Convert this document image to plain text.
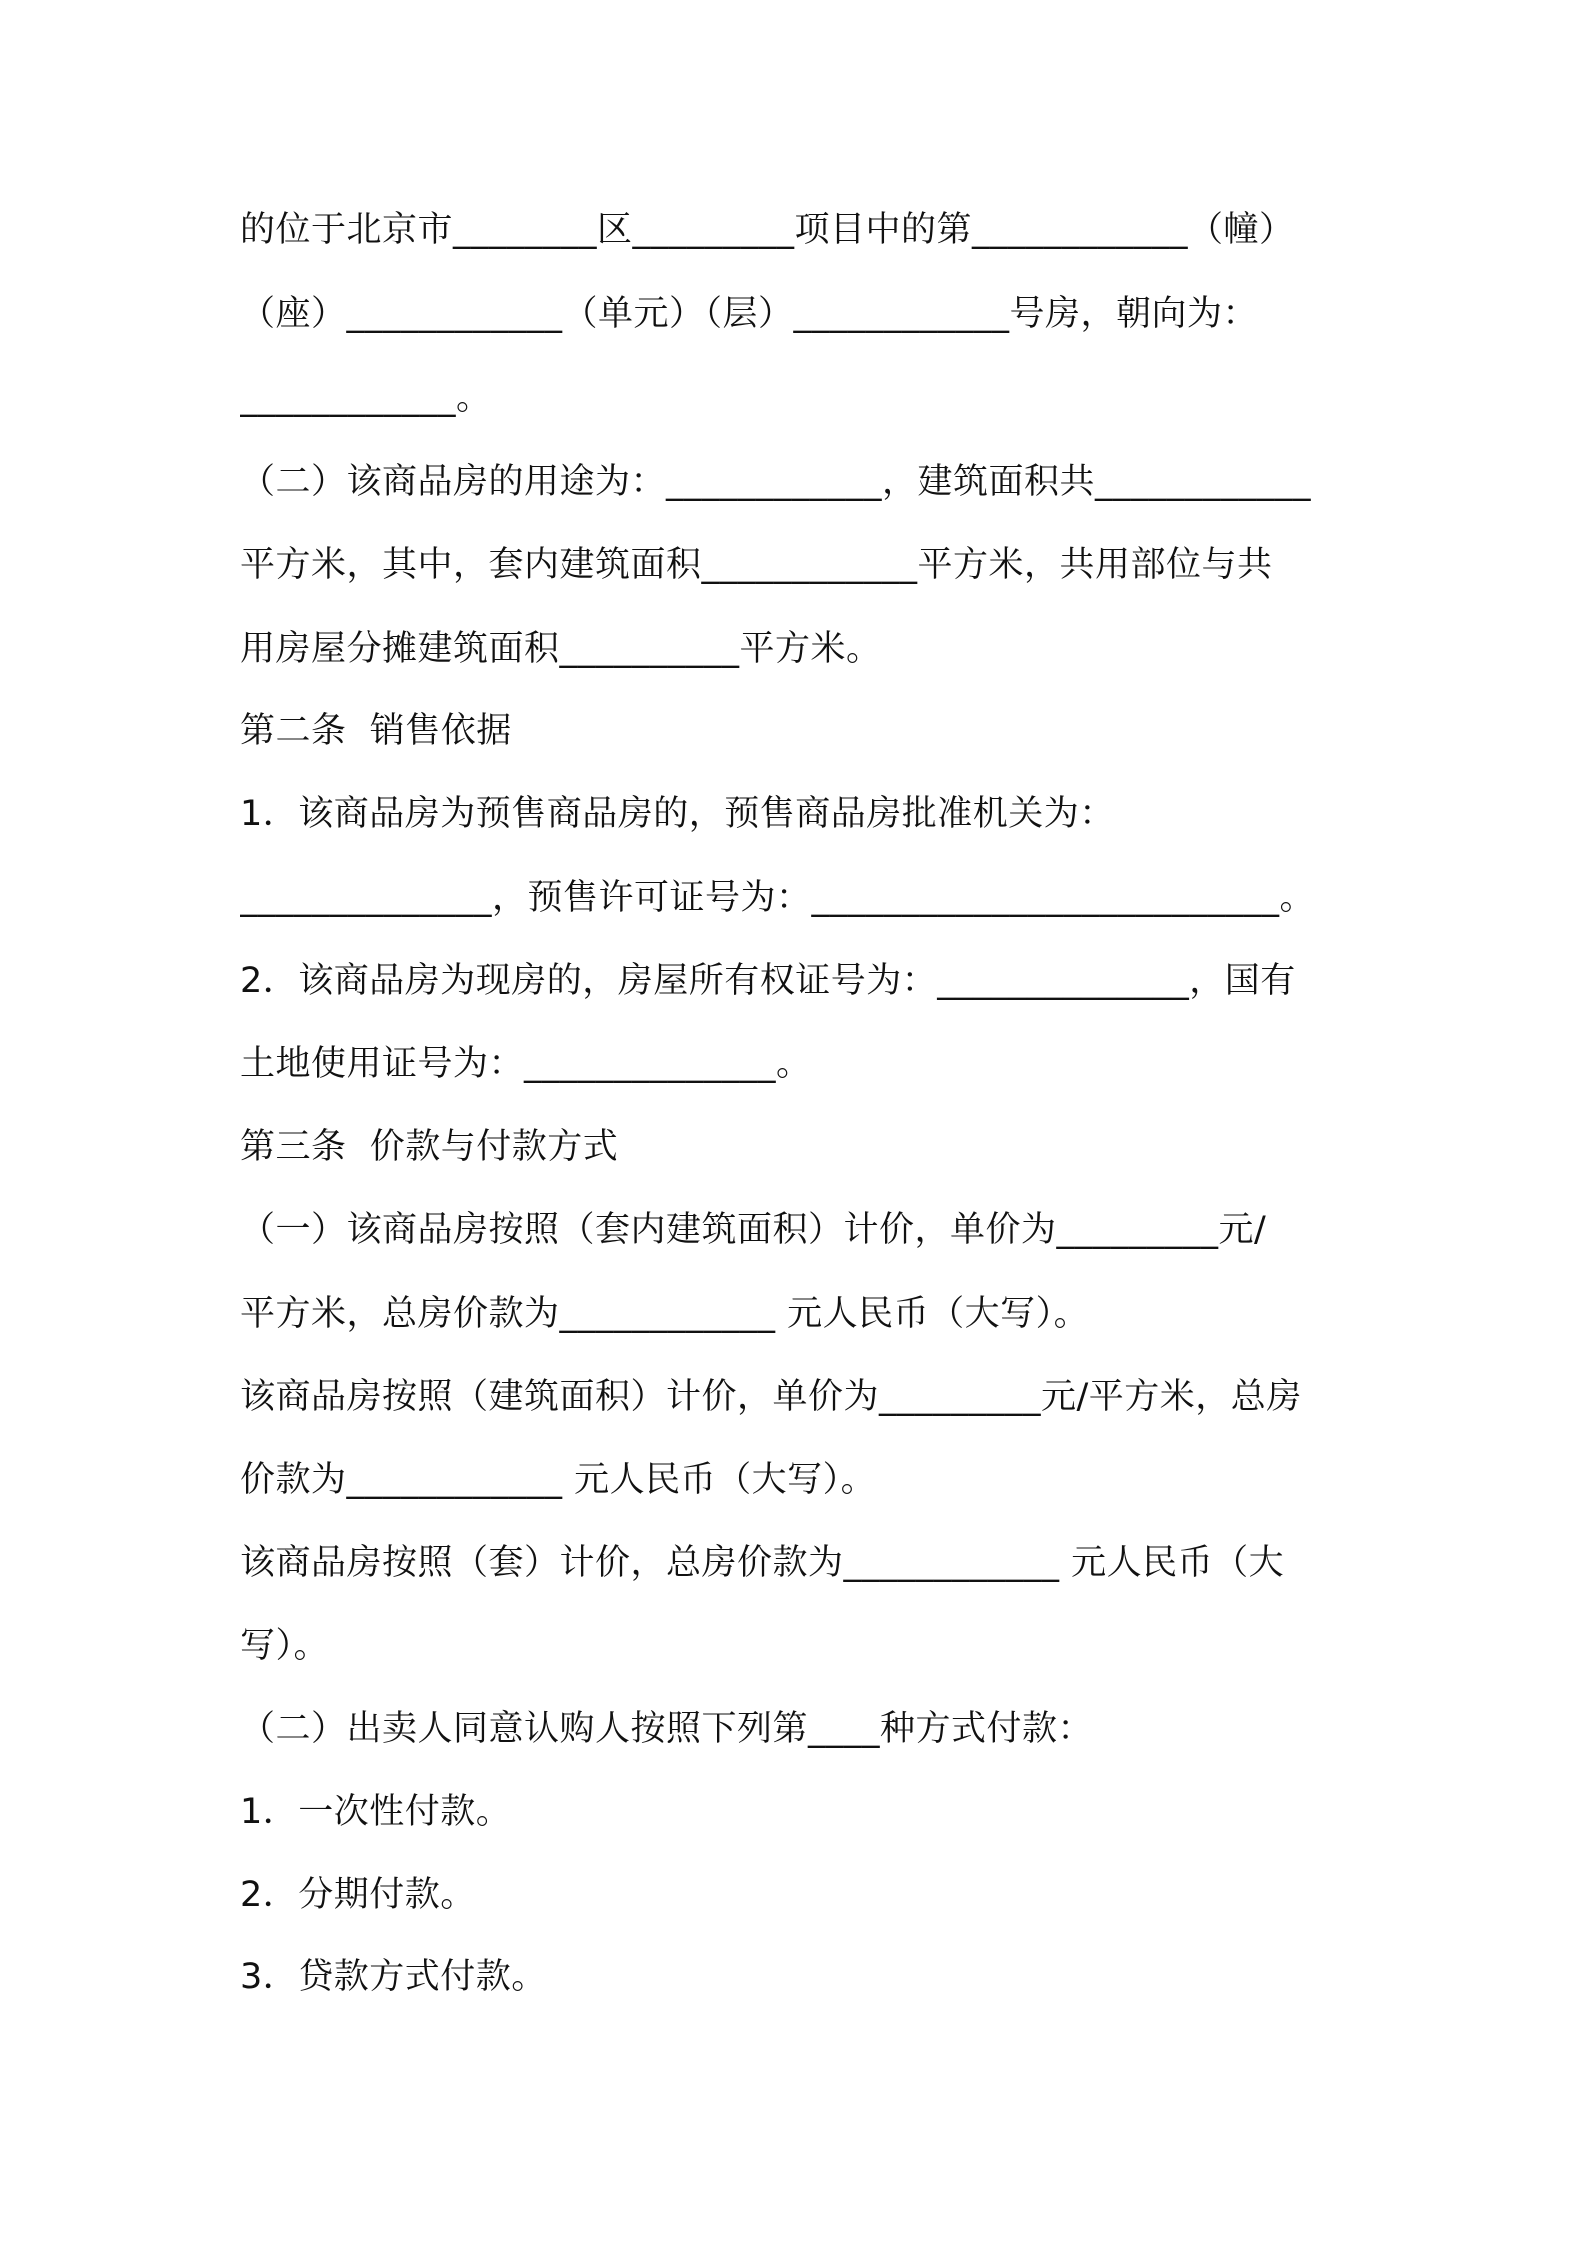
的位于北京市________区_________项目中的第____________（幢）
（座）____________（单元）（层）____________号房，朝向为：
____________。
（二）该商品房的用途为：____________，建筑面积共____________
平方米，其中，套内建筑面积____________平方米，共用部位与共
用房屋分摊建筑面积__________平方米。
第二条  销售依据
1．该商品房为预售商品房的，预售商品房批准机关为：
______________，预售许可证号为：__________________________。
2．该商品房为现房的，房屋所有权证号为：______________，国有
土地使用证号为：______________。
第三条  价款与付款方式
（一）该商品房按照（套内建筑面积）计价，单价为_________元/
平方米，总房价款为____________ 元人民币（大写）。
该商品房按照（建筑面积）计价，单价为_________元/平方米，总房
价款为____________ 元人民币（大写）。
该商品房按照（套）计价，总房价款为____________ 元人民币（大
写）。
（二）出卖人同意认购人按照下列第____种方式付款：
1．一次性付款。
2．分期付款。
3．贷款方式付款。
